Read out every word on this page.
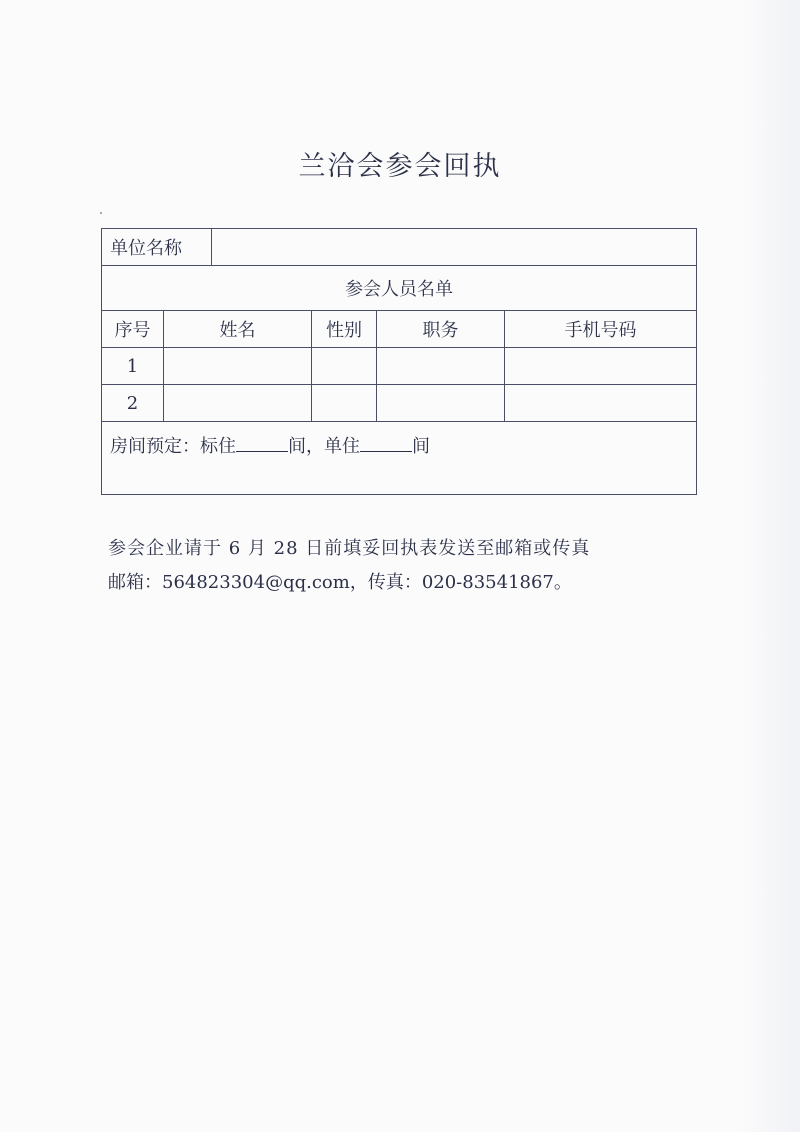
兰洽会参会回执
单位名称					
参会人员名单					
序号	姓名		性别	职务	手机号码
1					
2					
房间预定：标住 间，单住 间					
参会企业请于 6 月 28 日前填妥回执表发送至邮箱或传真
邮箱：564823304@qq.com，传真：020-83541867。
